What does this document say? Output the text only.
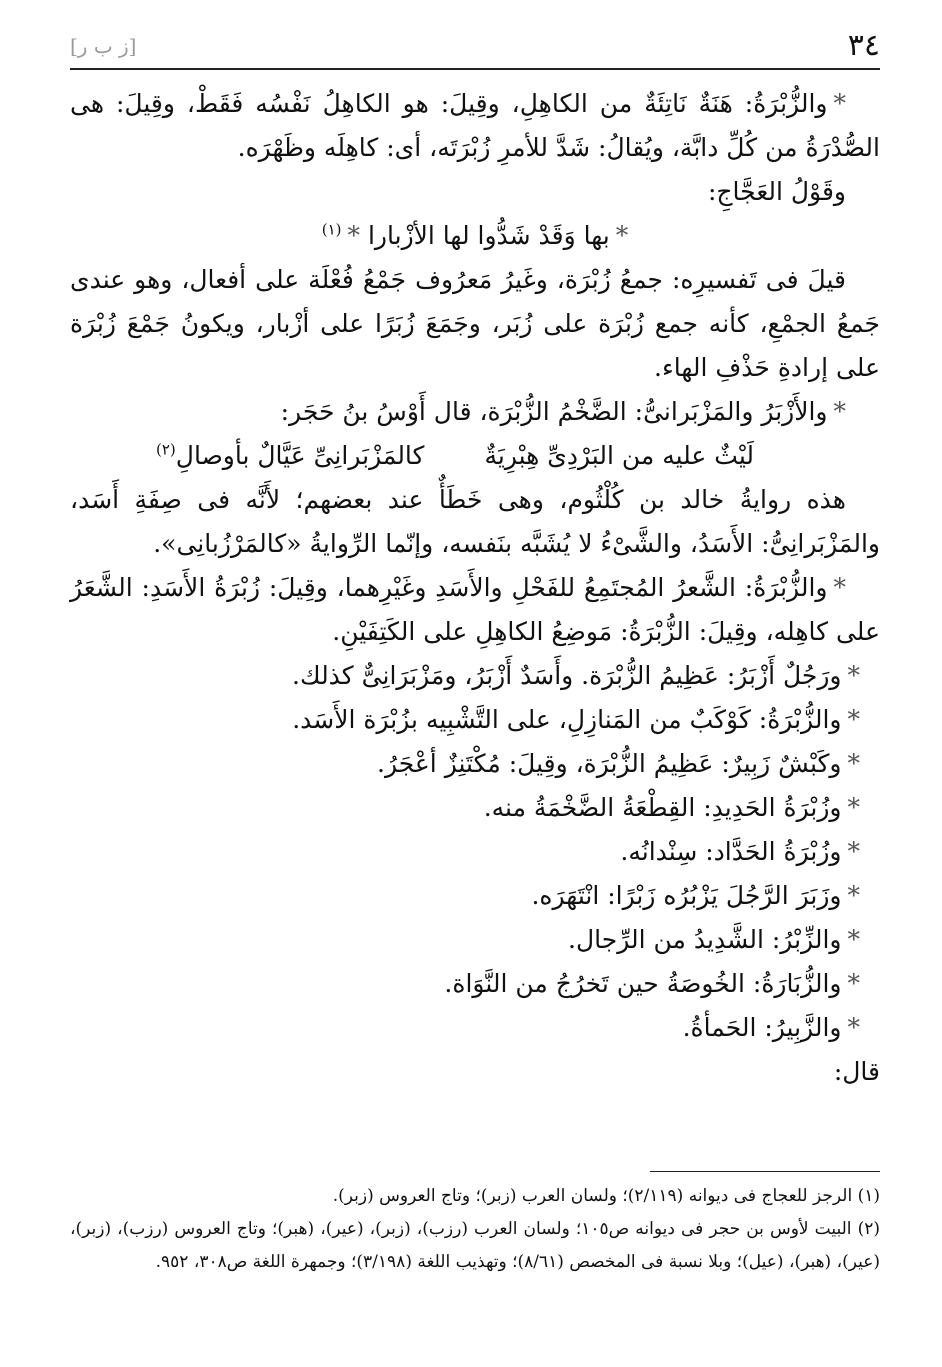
٣٤
[ز ب ر]

*والزُّبْرَةُ: هَنَةٌ نَاتِئَةٌ من الكاهِلِ، وقِيلَ: هو الكاهِلُ نَفْسُه فَقَطْ، وقِيلَ: هى الصُّدْرَةُ من كُلِّ دابَّة، ويُقالُ: شَدَّ للأمرِ زُبْرَتَه، أى: كاهِلَه وظَهْرَه.

وقَوْلُ العَجَّاجِ:

*بها وَقَدْ شَدُّوا لها الأزْبارا *$^{(١)}$

قيلَ فى تَفسيرِه: جمعُ زُبْرَة، وغَيرُ مَعرُوف جَمْعُ فُعْلَة على أفعال، وهو عندى جَمعُ الجمْعِ، كأنه جمع زُبْرَة على زُبَر، وجَمَعَ زُبَرًا على أزْبار، ويكونُ جَمْعَ زُبْرَة على إرادةِ حَذْفِ الهاء.

*والأَزْبَرُ والمَزْبَرانىُّ: الضَّخْمُ الزُّبْرَة، قال أَوْسُ بنُ حَجَر:

لَيْثٌ عليه من البَرْدِىِّ هِبْرِيَةٌ
كالمَزْبَرانِىِّ عَيَّالٌ بأوصالِ$^{(٢)}$

هذه روايةُ خالد بن كُلْثُوم، وهى خَطَأٌ عند بعضهم؛ لأَنَّه فى صِفَةِ أَسَد، والمَزْبَرانِىُّ: الأَسَدُ، والشَّىْءُ لا يُشَبَّه بنَفسه، وإنّما الرِّوايةُ «كالمَرْزُبانِى».

*والزُّبْرَةُ: الشَّعرُ المُجتَمِعُ للفَحْلِ والأَسَدِ وغَيْرِهما، وقِيلَ: زُبْرَةُ الأَسَدِ: الشَّعَرُ على كاهِله، وقِيلَ: الزُّبْرَةُ: مَوضِعُ الكاهِلِ على الكَتِفَيْنِ.

*ورَجُلٌ أَزْبَرُ: عَظِيمُ الزُّبْرَة. وأَسَدٌ أَزْبَرُ، ومَزْبَرَانِىٌّ كذلك.

*والزُّبْرَةُ: كَوْكَبٌ من المَنازِلِ، على التَّشْبِيه بزُبْرَة الأَسَد.

*وكَبْشٌ زَبِيرٌ: عَظِيمُ الزُّبْرَة، وقِيلَ: مُكْتَنِزٌ أعْجَرُ.

*وزُبْرَةُ الحَدِيدِ: القِطْعَةُ الضَّخْمَةُ منه.

*وزُبْرَةُ الحَدَّاد: سِنْدانُه.

*وزَبَرَ الرَّجُلَ يَزْبُرُه زَبْرًا: انْتَهَرَه.

*والزِّبْرُ: الشَّدِيدُ من الرِّجال.

*والزُّبَارَةُ: الخُوصَةُ حين تَخرُجُ من النَّوَاة.

*والزَّبِيرُ: الحَمأةُ.

قال:

(١) الرجز للعجاج فى ديوانه (٢/١١٩)؛ ولسان العرب (زبر)؛ وتاج العروس (زبر).

(٢) البيت لأوس بن حجر فى ديوانه ص١٠٥؛ ولسان العرب (رزب)، (زبر)، (عير)، (هبر)؛ وتاج العروس (رزب)، (زبر)، (عير)، (هبر)، (عيل)؛ وبلا نسبة فى المخصص (٨/٦١)؛ وتهذيب اللغة (٣/١٩٨)؛ وجمهرة اللغة ص٣٠٨، ٩٥٢.
